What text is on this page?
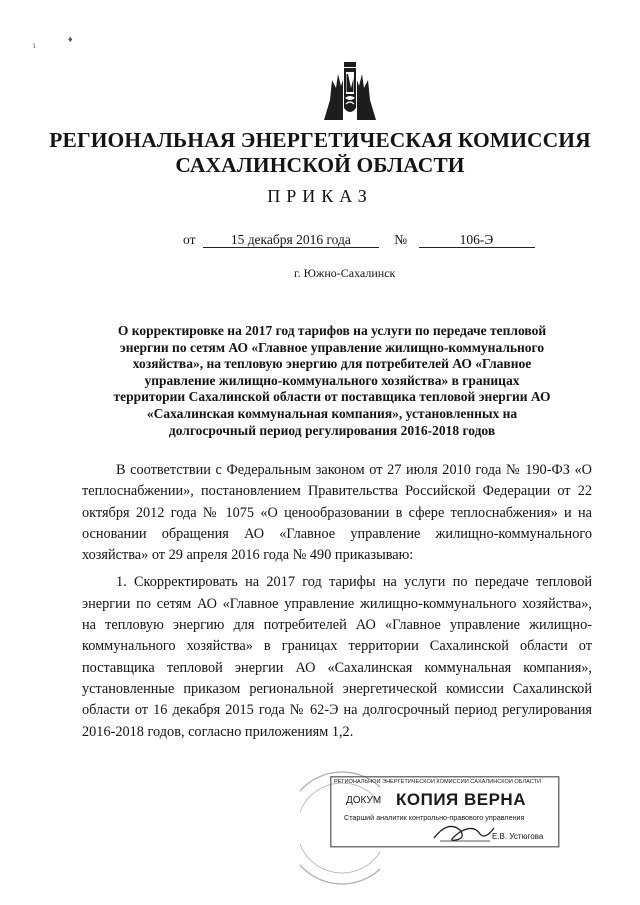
ι
♦
РЕГИОНАЛЬНАЯ ЭНЕРГЕТИЧЕСКАЯ КОМИССИЯ
САХАЛИНСКОЙ ОБЛАСТИ
ПРИКАЗ
от	15 декабря 2016 года	№	106-Э
г. Южно-Сахалинск
О корректировке на 2017 год тарифов на услуги по передаче тепловой энергии по сетям АО «Главное управление жилищно-коммунального хозяйства», на тепловую энергию для потребителей АО «Главное управление жилищно-коммунального хозяйства» в границах территории Сахалинской области от поставщика тепловой энергии АО «Сахалинская коммунальная компания», установленных на долгосрочный период регулирования 2016-2018 годов

В соответствии с Федеральным законом от 27 июля 2010 года № 190-ФЗ «О теплоснабжении», постановлением Правительства Российской Федерации от 22 октября 2012 года № 1075 «О ценообразовании в сфере теплоснабжения» и на основании обращения АО «Главное управление жилищно-коммунального хозяйства» от 29 апреля 2016 года № 490 приказываю:

1. Скорректировать на 2017 год тарифы на услуги по передаче тепловой энергии по сетям АО «Главное управление жилищно-коммунального хозяйства», на тепловую энергию для потребителей АО «Главное управление жилищно-коммунального хозяйства» в границах территории Сахалинской области от поставщика тепловой энергии АО «Сахалинская коммунальная компания», установленные приказом региональной энергетической комиссии Сахалинской области от 16 декабря 2015 года № 62-Э на долгосрочный период регулирования 2016-2018 годов, согласно приложениям 1,2.

РЕГИОНАЛЬНОЙ ЭНЕРГЕТИЧЕСКОЙ КОМИССИИ САХАЛИНСКОЙ ОБЛАСТИ
ДОКУМ КОПИЯ ВЕРНА
Старший аналитик контрольно-правового управления
Е.В. Устюгова
